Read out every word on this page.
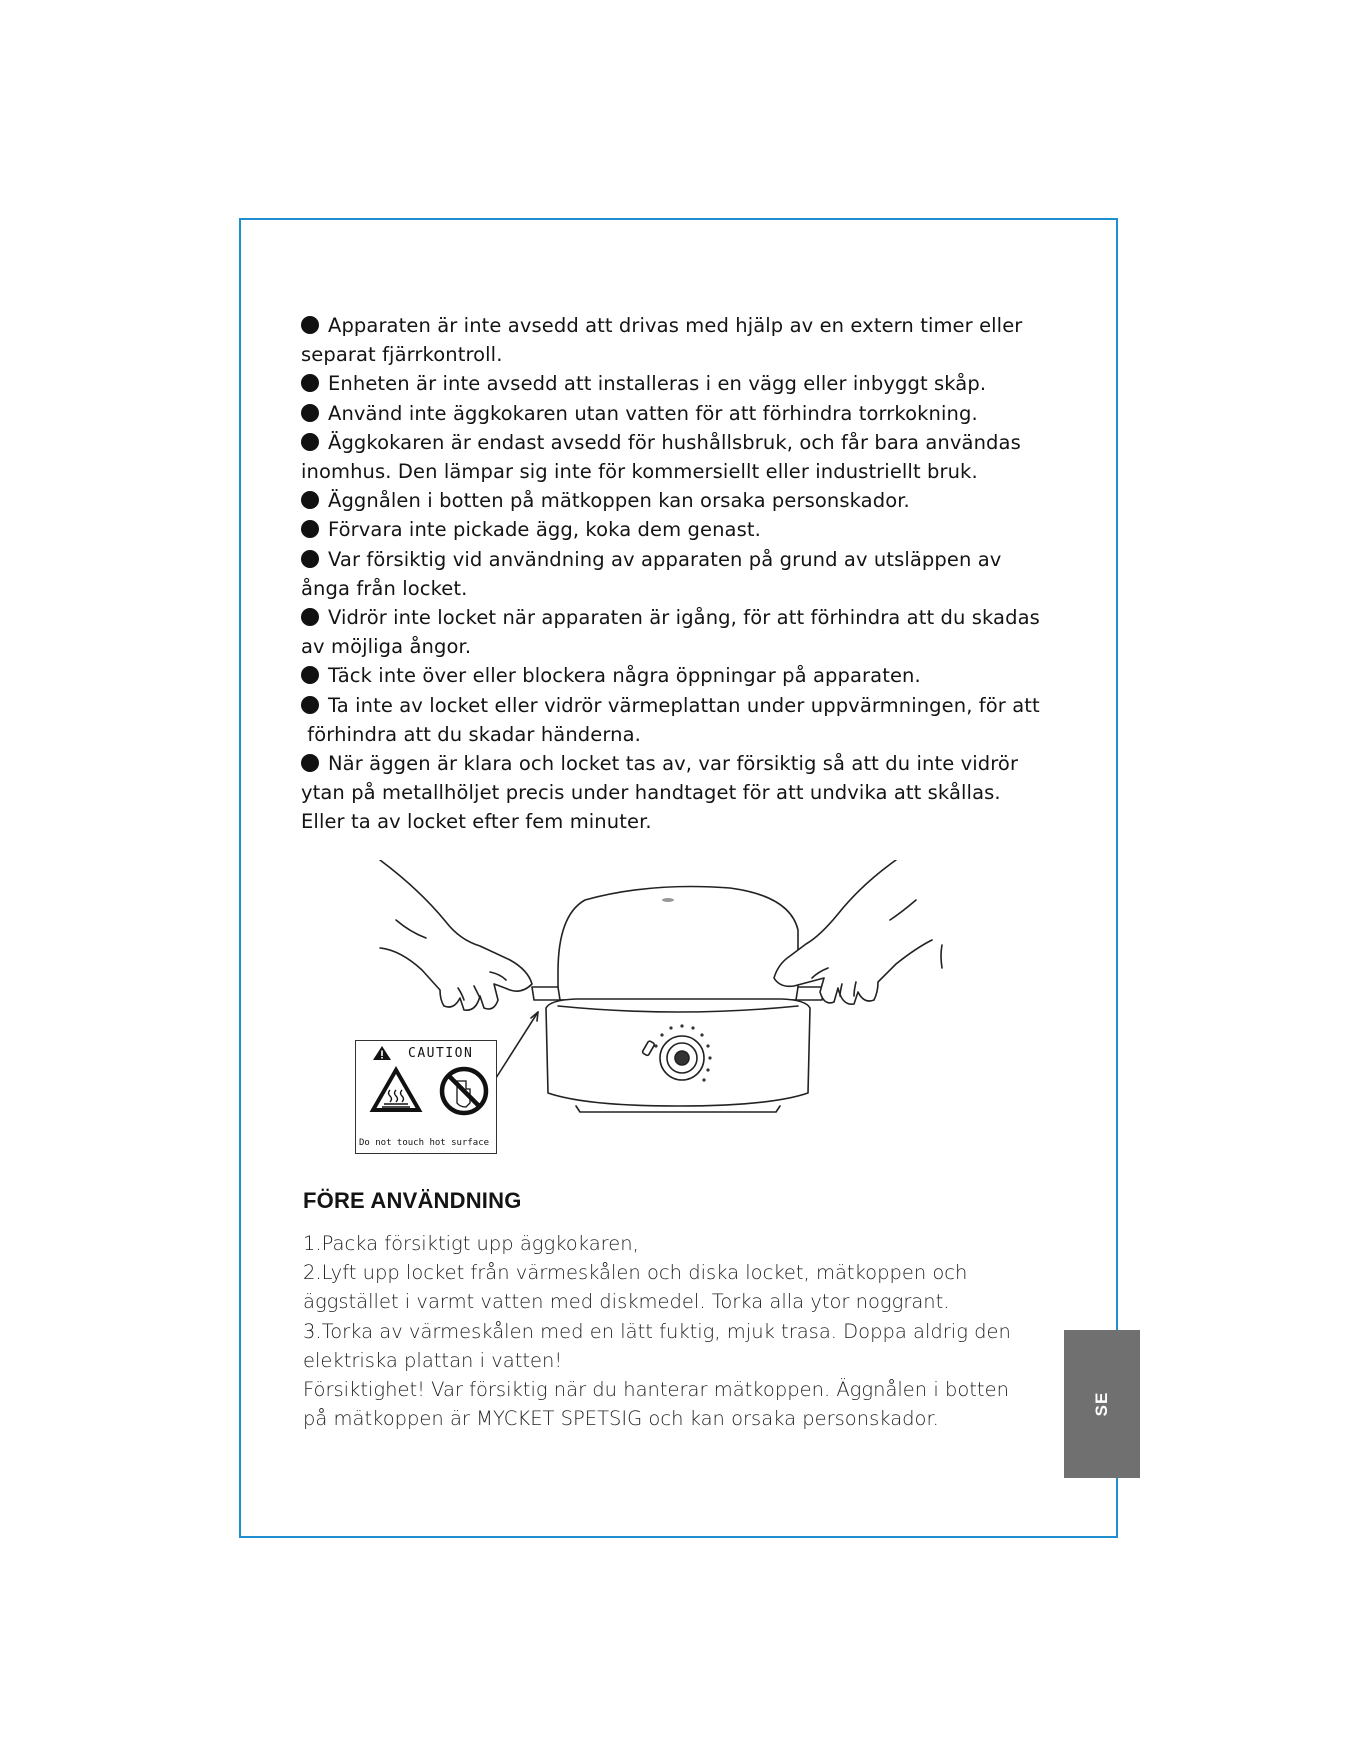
Apparaten är inte avsedd att drivas med hjälp av en extern timer eller

separat fjärrkontroll.

Enheten är inte avsedd att installeras i en vägg eller inbyggt skåp.

Använd inte äggkokaren utan vatten för att förhindra torrkokning.

Äggkokaren är endast avsedd för hushållsbruk, och får bara användas

inomhus. Den lämpar sig inte för kommersiellt eller industriellt bruk.

Äggnålen i botten på mätkoppen kan orsaka personskador.

Förvara inte pickade ägg, koka dem genast.

Var försiktig vid användning av apparaten på grund av utsläppen av

ånga från locket.

Vidrör inte locket när apparaten är igång, för att förhindra att du skadas

av möjliga ångor.

Täck inte över eller blockera några öppningar på apparaten.

Ta inte av locket eller vidrör värmeplattan under uppvärmningen, för att

förhindra att du skadar händerna.

När äggen är klara och locket tas av, var försiktig så att du inte vidrör

ytan på metallhöljet precis under handtaget för att undvika att skållas.

Eller ta av locket efter fem minuter.

CAUTION
Do not touch hot surface
FÖRE ANVÄNDNING

1.Packa försiktigt upp äggkokaren,

2.Lyft upp locket från värmeskålen och diska locket, mätkoppen och

äggstället i varmt vatten med diskmedel. Torka alla ytor noggrant.

3.Torka av värmeskålen med en lätt fuktig, mjuk trasa. Doppa aldrig den

elektriska plattan i vatten!

Försiktighet! Var försiktig när du hanterar mätkoppen. Äggnålen i botten

på mätkoppen är MYCKET SPETSIG och kan orsaka personskador.

SE
